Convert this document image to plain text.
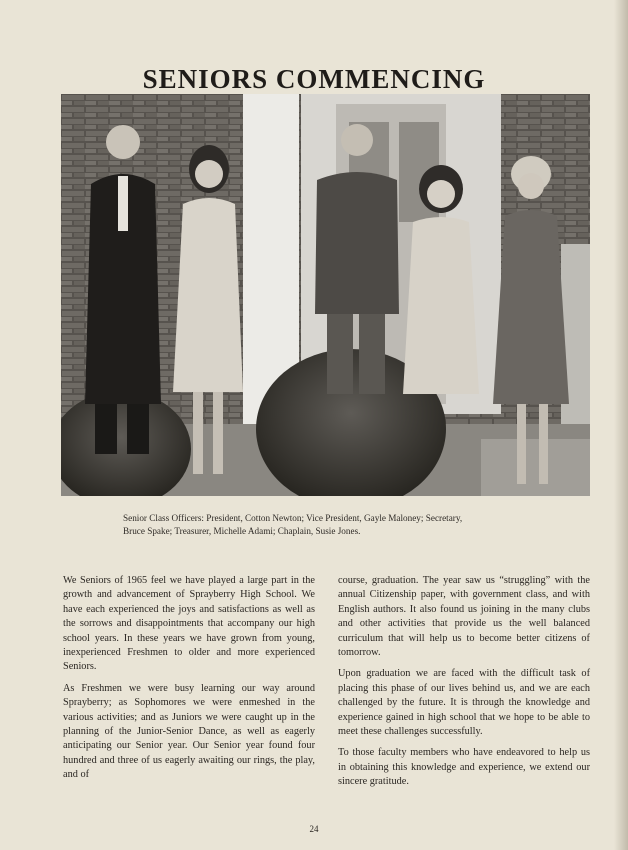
SENIORS COMMENCING
Senior Class Officers: President, Cotton Newton; Vice President, Gayle Maloney; Secretary,
Bruce Spake; Treasurer, Michelle Adami; Chaplain, Susie Jones.

We Seniors of 1965 feel we have played a large part in the growth and advancement of Sprayberry High School. We have each experienced the joys and satisfactions as well as the sorrows and disappointments that accompany our high school years. In these years we have grown from young, inexperienced Freshmen to older and more experienced Seniors.

As Freshmen we were busy learning our way around Sprayberry; as Sophomores we were enmeshed in the various activities; and as Juniors we were caught up in the planning of the Junior-Senior Dance, as well as eagerly anticipating our Senior year. Our Senior year found four hundred and three of us eagerly awaiting our rings, the play, and of

course, graduation. The year saw us “struggling” with the annual Citizenship paper, with government class, and with English authors. It also found us joining in the many clubs and other activities that provide us the well balanced curriculum that will help us to become better citizens of tomorrow.

Upon graduation we are faced with the difficult task of placing this phase of our lives behind us, and we are each challenged by the future. It is through the knowledge and experience gained in high school that we hope to be able to meet these challenges successfully.

To those faculty members who have endeavored to help us in obtaining this knowledge and experience, we extend our sincere gratitude.

24
